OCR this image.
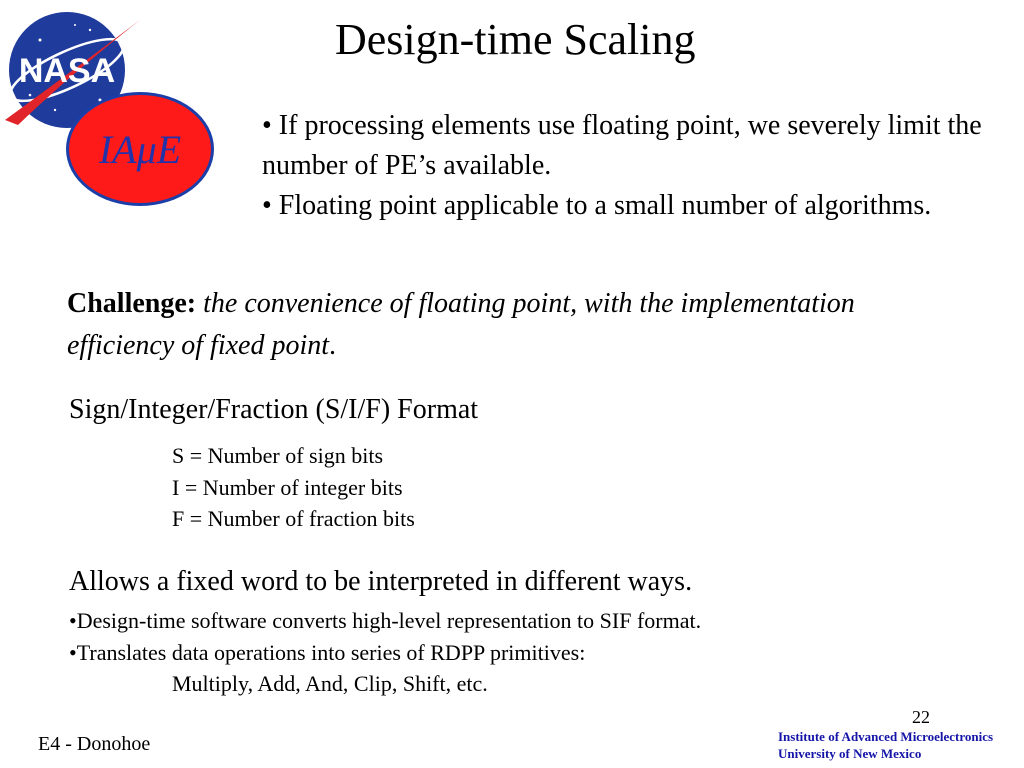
NASA
IAμE
Design-time Scaling
• If processing elements use floating point, we severely limit the number of PE’s available.
• Floating point applicable to a small number of algorithms.
Challenge: the convenience of floating point, with the implementation efficiency of fixed point.
Sign/Integer/Fraction (S/I/F) Format
S = Number of sign bits
I = Number of integer bits
F = Number of fraction bits
Allows a fixed word to be interpreted in different ways.
•Design-time software converts high-level representation to SIF format.
•Translates data operations into series of RDPP primitives:
Multiply, Add, And, Clip, Shift, etc.
E4 - Donohoe
22
Institute of Advanced Microelectronics
University of New Mexico
